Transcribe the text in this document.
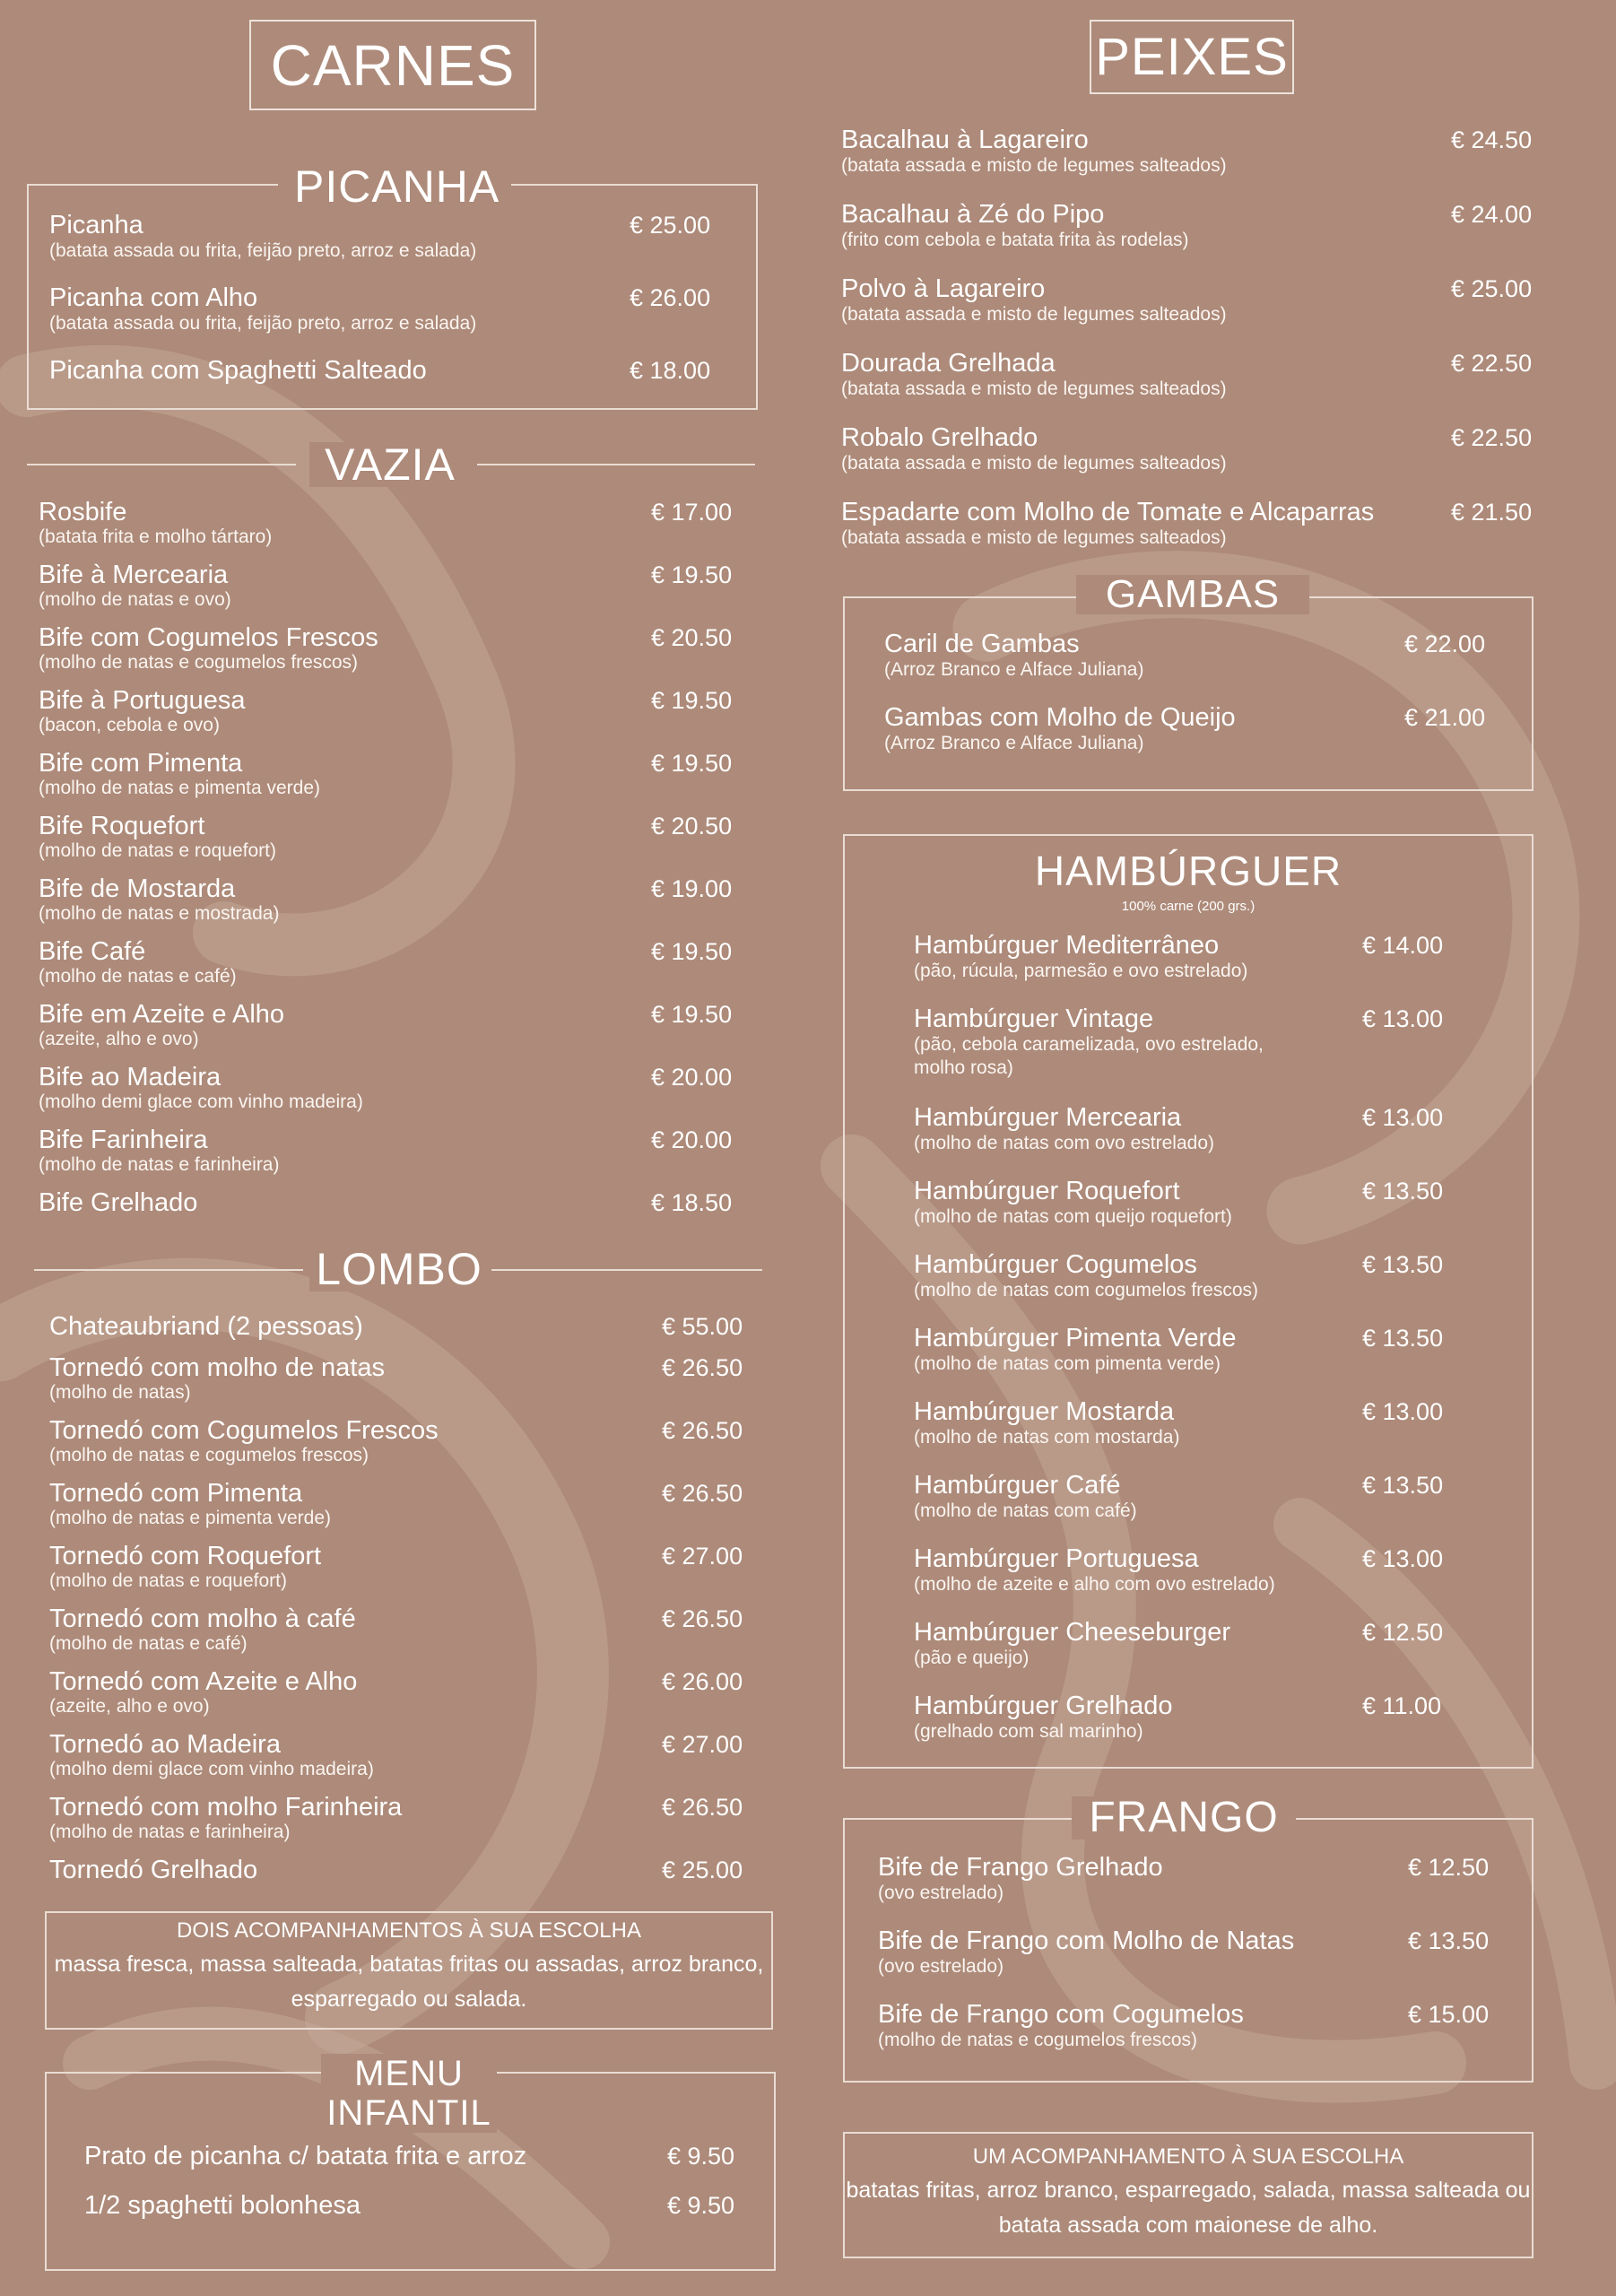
CARNES
PICANHA
Picanha	€ 25.00
(batata assada ou frita, feijão preto, arroz e salada)
Picanha com Alho	€ 26.00
(batata assada ou frita, feijão preto, arroz e salada)
Picanha com Spaghetti Salteado	€ 18.00
VAZIA
Rosbife	€ 17.00
(batata frita e molho tártaro)
Bife à Mercearia	€ 19.50
(molho de natas e ovo)
Bife com Cogumelos Frescos	€ 20.50
(molho de natas e cogumelos frescos)
Bife à Portuguesa	€ 19.50
(bacon, cebola e ovo)
Bife com Pimenta	€ 19.50
(molho de natas e pimenta verde)
Bife Roquefort	€ 20.50
(molho de natas e roquefort)
Bife de Mostarda	€ 19.00
(molho de natas e mostrada)
Bife Café	€ 19.50
(molho de natas e café)
Bife em Azeite e Alho	€ 19.50
(azeite, alho e ovo)
Bife ao Madeira	€ 20.00
(molho demi glace com vinho madeira)
Bife Farinheira	€ 20.00
(molho de natas e farinheira)
Bife Grelhado	€ 18.50
LOMBO
Chateaubriand (2 pessoas)	€ 55.00
Tornedó com molho de natas	€ 26.50
(molho de natas)
Tornedó com Cogumelos Frescos	€ 26.50
(molho de natas e cogumelos frescos)
Tornedó com Pimenta	€ 26.50
(molho de natas e pimenta verde)
Tornedó com Roquefort	€ 27.00
(molho de natas e roquefort)
Tornedó com molho à café	€ 26.50
(molho de natas e café)
Tornedó com Azeite e Alho	€ 26.00
(azeite, alho e ovo)
Tornedó ao Madeira	€ 27.00
(molho demi glace com vinho madeira)
Tornedó com molho Farinheira	€ 26.50
(molho de natas e farinheira)
Tornedó Grelhado	€ 25.00
DOIS ACOMPANHAMENTOS À SUA ESCOLHA
massa fresca, massa salteada, batatas fritas ou assadas, arroz branco,
esparregado ou salada.
MENU
INFANTIL
Prato de picanha c/ batata frita e arroz	€ 9.50
1/2 spaghetti bolonhesa	€ 9.50
PEIXES
Bacalhau à Lagareiro	€ 24.50
(batata assada e misto de legumes salteados)
Bacalhau à Zé do Pipo	€ 24.00
(frito com cebola e batata frita às rodelas)
Polvo à Lagareiro	€ 25.00
(batata assada e misto de legumes salteados)
Dourada Grelhada	€ 22.50
(batata assada e misto de legumes salteados)
Robalo Grelhado	€ 22.50
(batata assada e misto de legumes salteados)
Espadarte com Molho de Tomate e Alcaparras	€ 21.50
(batata assada e misto de legumes salteados)
GAMBAS
Caril de Gambas	€ 22.00
(Arroz Branco e Alface Juliana)
Gambas com Molho de Queijo	€ 21.00
(Arroz Branco e Alface Juliana)
HAMBÚRGUER
100% carne (200 grs.)
Hambúrguer Mediterrâneo	€ 14.00
(pão, rúcula, parmesão e ovo estrelado)
Hambúrguer Vintage	€ 13.00
(pão, cebola caramelizada, ovo estrelado,
molho rosa)
Hambúrguer Mercearia	€ 13.00
(molho de natas com ovo estrelado)
Hambúrguer Roquefort	€ 13.50
(molho de natas com queijo roquefort)
Hambúrguer Cogumelos	€ 13.50
(molho de natas com cogumelos frescos)
Hambúrguer Pimenta Verde	€ 13.50
(molho de natas com pimenta verde)
Hambúrguer Mostarda	€ 13.00
(molho de natas com mostarda)
Hambúrguer Café	€ 13.50
(molho de natas com café)
Hambúrguer Portuguesa	€ 13.00
(molho de azeite e alho com ovo estrelado)
Hambúrguer Cheeseburger	€ 12.50
(pão e queijo)
Hambúrguer Grelhado	€ 11.00
(grelhado com sal marinho)
FRANGO
Bife de Frango Grelhado	€ 12.50
(ovo estrelado)
Bife de Frango com Molho de Natas	€ 13.50
(ovo estrelado)
Bife de Frango com Cogumelos	€ 15.00
(molho de natas e cogumelos frescos)
UM ACOMPANHAMENTO À SUA ESCOLHA
batatas fritas, arroz branco, esparregado, salada, massa salteada ou
batata assada com maionese de alho.
